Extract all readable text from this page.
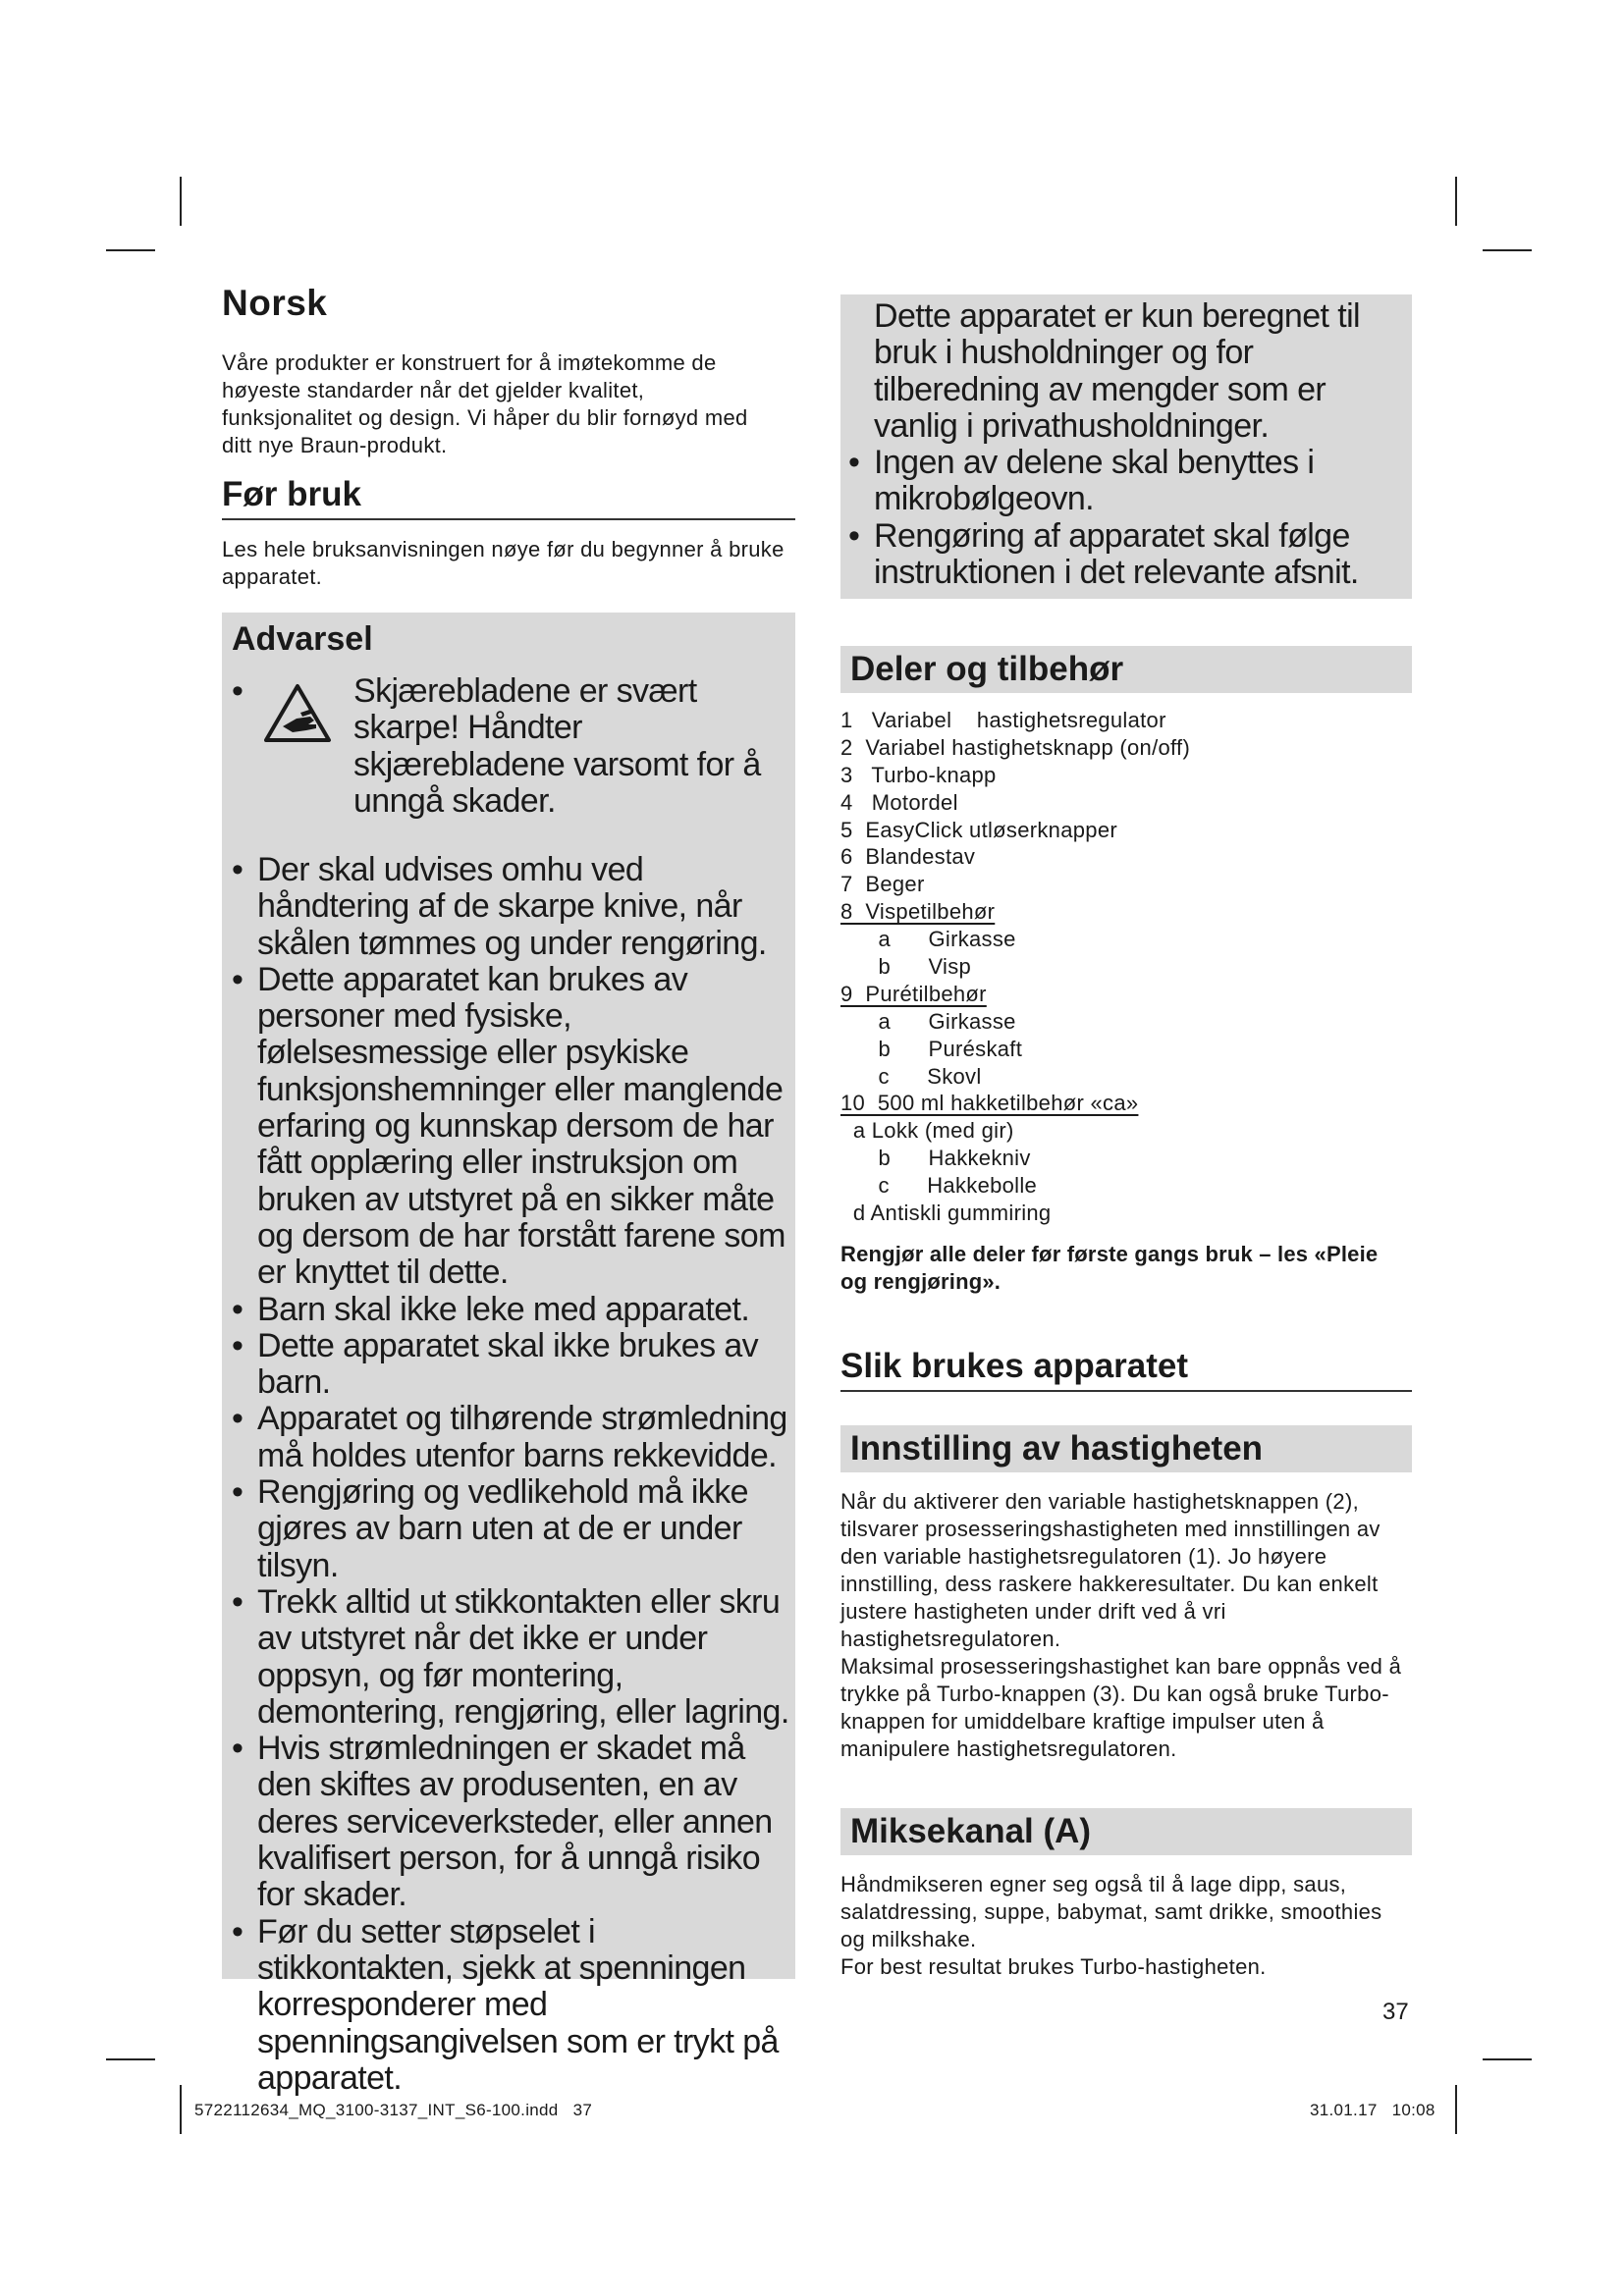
Norsk
Våre produkter er konstruert for å imøtekomme de høyeste standarder når det gjelder kvalitet, funksjonalitet og design. Vi håper du blir fornøyd med ditt nye Braun-produkt.
Før bruk
Les hele bruksanvisningen nøye før du begynner å bruke apparatet.
Advarsel
•	Skjærebladene er svært skarpe! Håndter skjærebladene varsomt for å unngå skader.
• Der skal udvises omhu ved håndtering af de skarpe knive, når skålen tømmes og under rengøring.
• Dette apparatet kan brukes av personer med fysiske, følelsesmessige eller psykiske funksjonshemninger eller manglende erfaring og kunnskap dersom de har fått opplæring eller instruksjon om bruken av utstyret på en sikker måte og dersom de har forstått farene som er knyttet til dette.
• Barn skal ikke leke med apparatet.
• Dette apparatet skal ikke brukes av barn.
• Apparatet og tilhørende strømledning må holdes utenfor barns rekkevidde.
• Rengjøring og vedlikehold må ikke gjøres av barn uten at de er under tilsyn.
• Trekk alltid ut stikkontakten eller skru av utstyret når det ikke er under oppsyn, og før montering, demontering, rengjøring, eller lagring.
• Hvis strømledningen er skadet må den skiftes av produsenten, en av deres serviceverksteder, eller annen kvalifisert person, for å unngå risiko for skader.
• Før du setter støpselet i stikkontakten, sjekk at spenningen korresponderer med spenningsangivelsen som er trykt på apparatet.
Dette apparatet er kun beregnet til bruk i husholdninger og for tilberedning av mengder som er vanlig i privathusholdninger.
• Ingen av delene skal benyttes i mikrobølgeovn.
• Rengøring af apparatet skal følge instruktionen i det relevante afsnit.
Deler og tilbehør
1   Variabel    hastighetsregulator
2  Variabel hastighetsknapp (on/off)
3   Turbo-knapp
4   Motordel
5  EasyClick utløserknapper
6  Blandestav
7  Beger
8  Vispetilbehør
a      Girkasse
b      Visp
9  Purétilbehør
a      Girkasse
b      Puréskaft
c      Skovl
10  500 ml hakketilbehør «ca»
a Lokk (med gir)
b      Hakkekniv
c      Hakkebolle
d Antiskli gummiring
Rengjør alle deler før første gangs bruk – les «Pleie og rengjøring».
Slik brukes apparatet
Innstilling av hastigheten
Når du aktiverer den variable hastighetsknappen (2), tilsvarer prosesseringshastigheten med innstillingen av den variable hastighetsregulatoren (1). Jo høyere innstilling, dess raskere hakkeresultater. Du kan enkelt justere hastigheten under drift ved å vri hastighetsregulatoren.
Maksimal prosesseringshastighet kan bare oppnås ved å trykke på Turbo-knappen (3). Du kan også bruke Turbo-knappen for umiddelbare kraftige impulser uten å manipulere hastighetsregulatoren.
Miksekanal (A)
Håndmikseren egner seg også til å lage dipp, saus, salatdressing, suppe, babymat, samt drikke, smoothies og milkshake.
For best resultat brukes Turbo-hastigheten.
37
5722112634_MQ_3100-3137_INT_S6-100.indd   37	31.01.17   10:08
